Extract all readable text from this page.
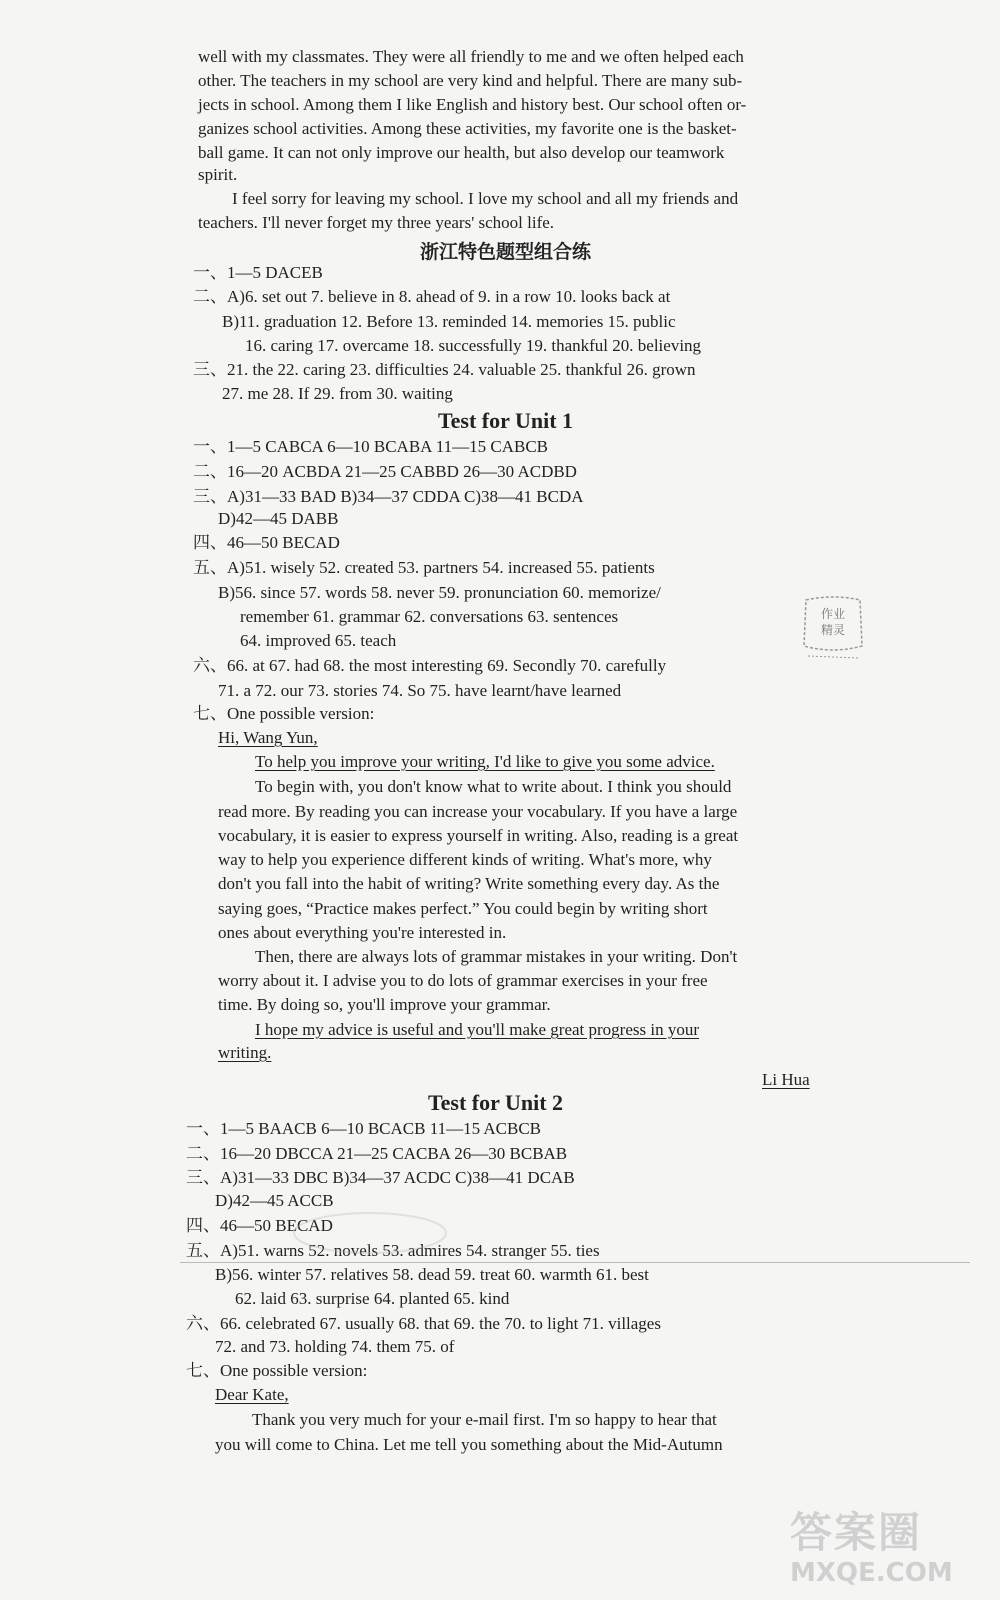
well with my classmates. They were all friendly to me and we often helped each
other. The teachers in my school are very kind and helpful. There are many sub-
jects in school. Among them I like English and history best. Our school often or-
ganizes school activities. Among these activities, my favorite one is the basket-
ball game. It can not only improve our health, but also develop our teamwork
spirit.
I feel sorry for leaving my school. I love my school and all my friends and
teachers. I'll never forget my three years' school life.
浙江特色题型组合练
一、1—5 DACEB
二、A)6. set out 7. believe in 8. ahead of 9. in a row 10. looks back at
B)11. graduation 12. Before 13. reminded 14. memories 15. public
16. caring 17. overcame 18. successfully 19. thankful 20. believing
三、21. the 22. caring 23. difficulties 24. valuable 25. thankful 26. grown
27. me 28. If 29. from 30. waiting
Test for Unit 1
一、1—5 CABCA 6—10 BCABA 11—15 CABCB
二、16—20 ACBDA 21—25 CABBD 26—30 ACDBD
三、A)31—33 BAD B)34—37 CDDA C)38—41 BCDA
D)42—45 DABB
四、46—50 BECAD
五、A)51. wisely 52. created 53. partners 54. increased 55. patients
B)56. since 57. words 58. never 59. pronunciation 60. memorize/
remember 61. grammar 62. conversations 63. sentences
64. improved 65. teach
六、66. at 67. had 68. the most interesting 69. Secondly 70. carefully
71. a 72. our 73. stories 74. So 75. have learnt/have learned
七、One possible version:
Hi, Wang Yun,
To help you improve your writing, I'd like to give you some advice.
To begin with, you don't know what to write about. I think you should
read more. By reading you can increase your vocabulary. If you have a large
vocabulary, it is easier to express yourself in writing. Also, reading is a great
way to help you experience different kinds of writing. What's more, why
don't you fall into the habit of writing? Write something every day. As the
saying goes, “Practice makes perfect.” You could begin by writing short
ones about everything you're interested in.
Then, there are always lots of grammar mistakes in your writing. Don't
worry about it. I advise you to do lots of grammar exercises in your free
time. By doing so, you'll improve your grammar.
I hope my advice is useful and you'll make great progress in your
writing.
Li Hua
作业
精灵
Test for Unit 2
一、1—5 BAACB 6—10 BCACB 11—15 ACBCB
二、16—20 DBCCA 21—25 CACBA 26—30 BCBAB
三、A)31—33 DBC B)34—37 ACDC C)38—41 DCAB
D)42—45 ACCB
四、46—50 BECAD
五、A)51. warns 52. novels 53. admires 54. stranger 55. ties
B)56. winter 57. relatives 58. dead 59. treat 60. warmth 61. best
62. laid 63. surprise 64. planted 65. kind
六、66. celebrated 67. usually 68. that 69. the 70. to light 71. villages
72. and 73. holding 74. them 75. of
七、One possible version:
Dear Kate,
Thank you very much for your e-mail first. I'm so happy to hear that
you will come to China. Let me tell you something about the Mid-Autumn
答案圈
MXQE.COM
